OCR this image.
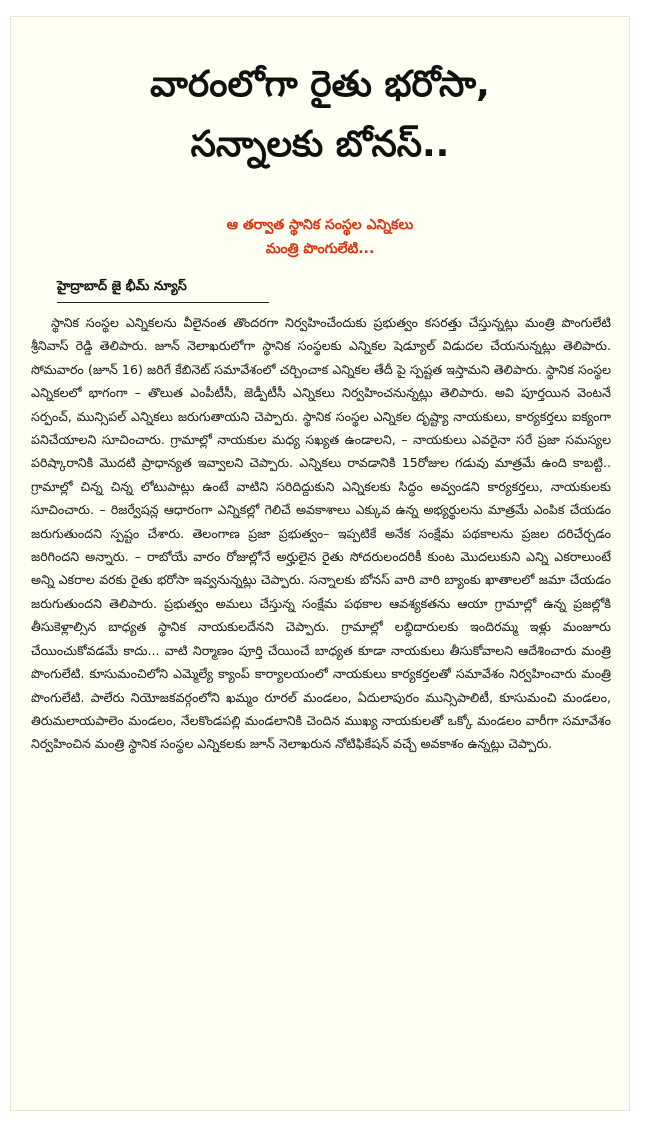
వారంలోగా రైతు భరోసా,
సన్నాలకు బోనస్..
ఆ తర్వాత స్థానిక సంస్థల ఎన్నికలు
మంత్రి పొంగులేటి...
హైద్రాబాద్ జై భీమ్ న్యూస్

స్థానిక సంస్థల ఎన్నికలను వీలైనంత తొందరగా నిర్వహించేందుకు ప్రభుత్వం కసరత్తు చేస్తున్నట్లు మంత్రి పొంగులేటి శ్రీనివాస్ రెడ్డి తెలిపారు. జూన్ నెలాఖరులోగా స్థానిక సంస్థలకు ఎన్నికల షెడ్యూల్ విడుదల చేయనున్నట్లు తెలిపారు. సోమవారం (జూన్ 16) జరిగే కేబినెట్ సమావేశంలో చర్చించాక ఎన్నికల తేదీ పై స్పష్టత ఇస్తామని తెలిపారు. స్థానిక సంస్థల ఎన్నికలలో భాగంగా – తొలుత ఎంపీటీసీ, జెడ్పీటీసీ ఎన్నికలు నిర్వహించనున్నట్లు తెలిపారు. అవి పూర్తయిన వెంటనే సర్పంచ్, మున్సిపల్ ఎన్నికలు జరుగుతాయని చెప్పారు. స్థానిక సంస్థల ఎన్నికల దృష్ట్యా నాయకులు, కార్యకర్తలు ఐక్యంగా పనిచేయాలని సూచించారు. గ్రామాల్లో నాయకుల మధ్య సఖ్యత ఉండాలని, – నాయకులు ఎవరైనా సరే ప్రజా సమస్యల పరిష్కారానికి మొదటి ప్రాధాన్యత ఇవ్వాలని చెప్పారు. ఎన్నికలు రావడానికి 15రోజుల గడువు మాత్రమే ఉంది కాబట్టి.. గ్రామాల్లో చిన్న చిన్న లోటుపాట్లు ఉంటే వాటిని సరిదిద్దుకుని ఎన్నికలకు సిద్ధం అవ్వండని కార్యకర్తలు, నాయకులకు సూచించారు. – రిజర్వేషన్ల ఆధారంగా ఎన్నికల్లో గెలిచే అవకాశాలు ఎక్కువ ఉన్న అభ్యర్థులను మాత్రమే ఎంపిక చేయడం జరుగుతుందని స్పష్టం చేశారు. తెలంగాణ ప్రజా ప్రభుత్వం– ఇప్పటికే అనేక సంక్షేమ పథకాలను ప్రజల దరిచేర్చడం జరిగిందని అన్నారు. – రాబోయే వారం రోజుల్లోనే అర్హులైన రైతు సోదరులందరికీ కుంట మొదలుకుని ఎన్ని ఎకరాలుంటే అన్ని ఎకరాల వరకు రైతు భరోసా ఇవ్వనున్నట్లు చెప్పారు. సన్నాలకు బోనస్ వారి వారి బ్యాంకు ఖాతాలలో జమా చేయడం జరుగుతుందని తెలిపారు. ప్రభుత్వం అమలు చేస్తున్న సంక్షేమ పథకాల ఆవశ్యకతను ఆయా గ్రామాల్లో ఉన్న ప్రజల్లోకి తీసుకెళ్లాల్సిన బాధ్యత స్థానిక నాయకులదేనని చెప్పారు. గ్రామాల్లో లబ్ధిదారులకు ఇందిరమ్మ ఇళ్లు మంజూరు చేయించుకోవడమే కాదు... వాటి నిర్మాణం పూర్తి చేయించే బాధ్యత కూడా నాయకులు తీసుకోవాలని ఆదేశించారు మంత్రి పొంగులేటి. కూసుమంచిలోని ఎమ్మెల్యే క్యాంప్ కార్యాలయంలో నాయకులు కార్యకర్తలతో సమావేశం నిర్వహించారు మంత్రి పొంగులేటి. పాలేరు నియోజకవర్గంలోని ఖమ్మం రూరల్ మండలం, ఏదులాపురం మున్సిపాలిటీ, కూసుమంచి మండలం, తిరుమలాయపాలెం మండలం, నేలకొండపల్లి మండలానికి చెందిన ముఖ్య నాయకులతో ఒక్కో మండలం వారీగా సమావేశం నిర్వహించిన మంత్రి స్థానిక సంస్థల ఎన్నికలకు జూన్ నెలాఖరున నోటిఫికేషన్ వచ్చే అవకాశం ఉన్నట్లు చెప్పారు.
